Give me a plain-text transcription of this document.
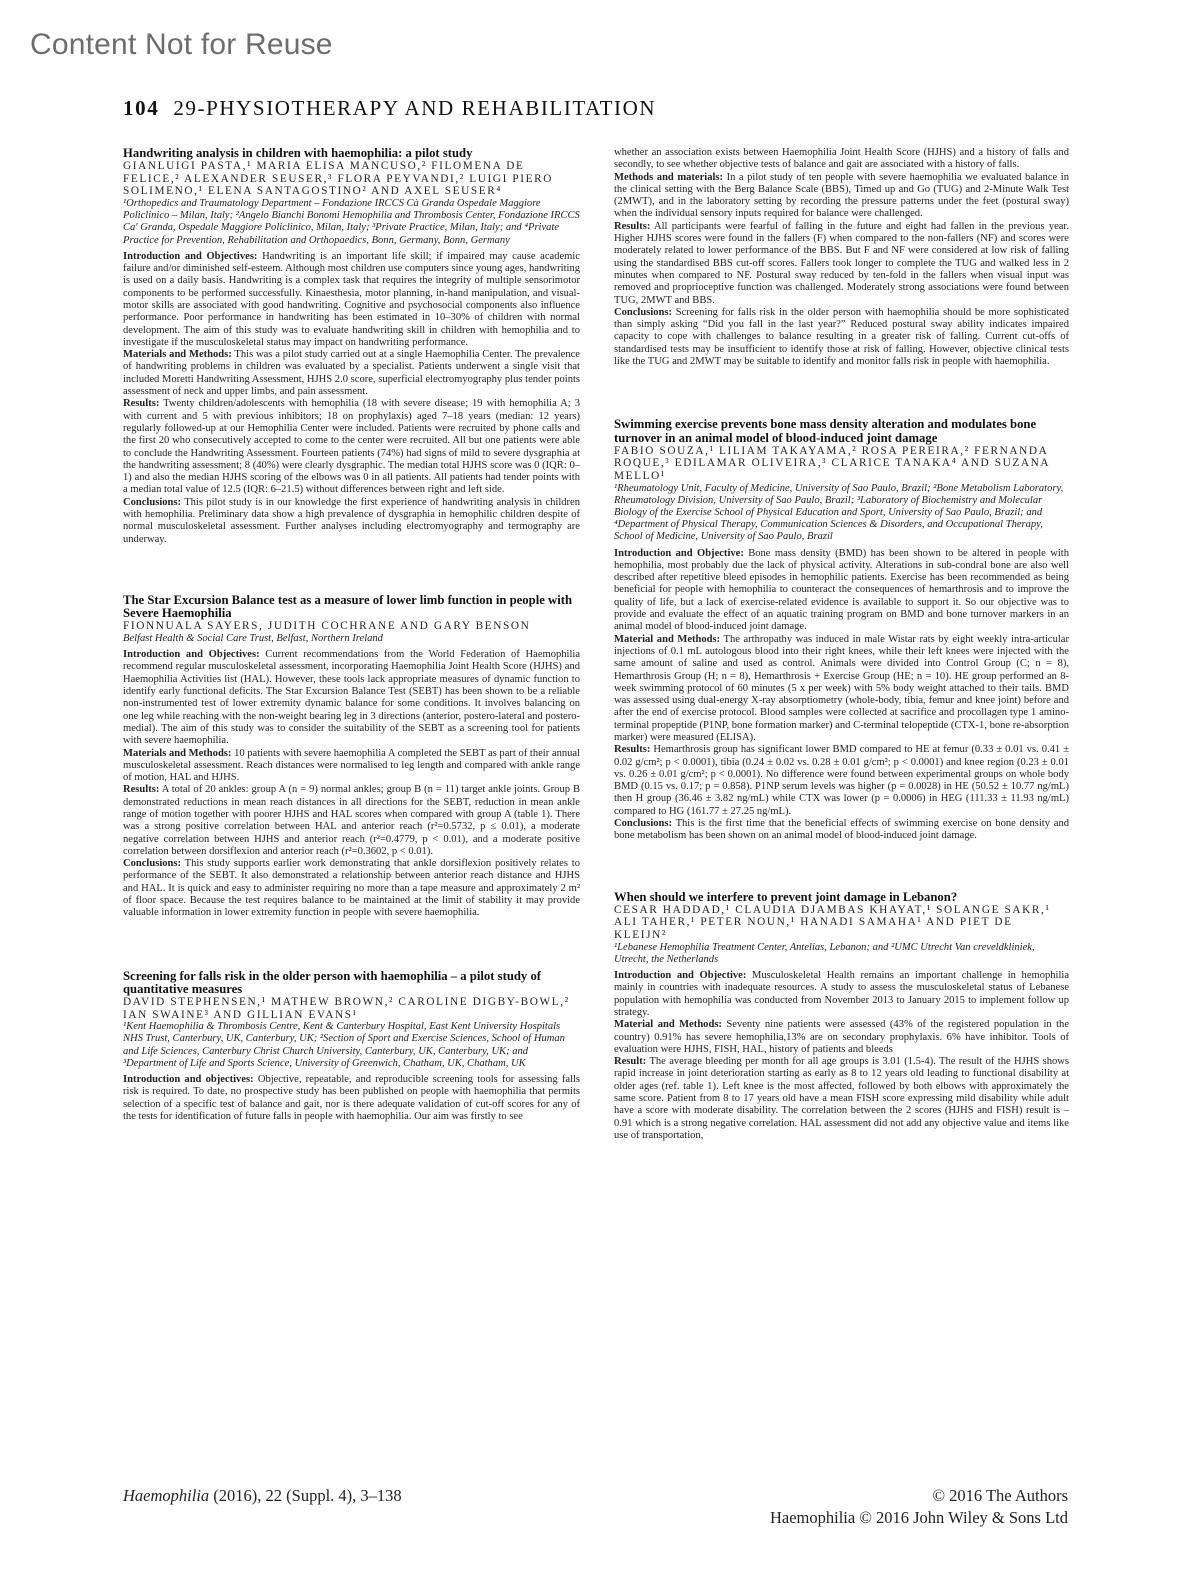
Content Not for Reuse
104 29-PHYSIOTHERAPY AND REHABILITATION

Handwriting analysis in children with haemophilia: a pilot study

GIANLUIGI PASTA,¹ MARIA ELISA MANCUSO,² FILOMENA DE FELICE,² ALEXANDER SEUSER,³ FLORA PEYVANDI,² LUIGI PIERO SOLIMENO,¹ ELENA SANTAGOSTINO² AND AXEL SEUSER⁴

¹Orthopedics and Traumatology Department – Fondazione IRCCS Cà Granda Ospedale Maggiore Policlinico – Milan, Italy; ²Angelo Bianchi Bonomi Hemophilia and Thrombosis Center, Fondazione IRCCS Ca' Granda, Ospedale Maggiore Policlinico, Milan, Italy; ³Private Practice, Milan, Italy; and ⁴Private Practice for Prevention, Rehabilitation and Orthopaedics, Bonn, Germany, Bonn, Germany

Introduction and Objectives: Handwriting is an important life skill; if impaired may cause academic failure and/or diminished self-esteem. Although most children use computers since young ages, handwriting is used on a daily basis. Handwriting is a complex task that requires the integrity of multiple sensorimotor components to be performed successfully. Kinaesthesia, motor planning, in-hand manipulation, and visual-motor skills are associated with good handwriting. Cognitive and psychosocial components also influence performance. Poor performance in handwriting has been estimated in 10–30% of children with normal development. The aim of this study was to evaluate handwriting skill in children with hemophilia and to investigate if the musculoskeletal status may impact on handwriting performance.

Materials and Methods: This was a pilot study carried out at a single Haemophilia Center. The prevalence of handwriting problems in children was evaluated by a specialist. Patients underwent a single visit that included Moretti Handwriting Assessment, HJHS 2.0 score, superficial electromyography plus tender points assessment of neck and upper limbs, and pain assessment.

Results: Twenty children/adolescents with hemophilia (18 with severe disease; 19 with hemophilia A; 3 with current and 5 with previous inhibitors; 18 on prophylaxis) aged 7–18 years (median: 12 years) regularly followed-up at our Hemophilia Center were included. Patients were recruited by phone calls and the first 20 who consecutively accepted to come to the center were recruited. All but one patients were able to conclude the Handwriting Assessment. Fourteen patients (74%) had signs of mild to severe dysgraphia at the handwriting assessment; 8 (40%) were clearly dysgraphic. The median total HJHS score was 0 (IQR: 0–1) and also the median HJHS scoring of the elbows was 0 in all patients. All patients had tender points with a median total value of 12.5 (IQR: 6–21.5) without differences between right and left side.

Conclusions: This pilot study is in our knowledge the first experience of handwriting analysis in children with hemophilia. Preliminary data show a high prevalence of dysgraphia in hemophilic children despite of normal musculoskeletal assessment. Further analyses including electromyography and termography are underway.

The Star Excursion Balance test as a measure of lower limb function in people with Severe Haemophilia

FIONNUALA SAYERS, JUDITH COCHRANE AND GARY BENSON

Belfast Health & Social Care Trust, Belfast, Northern Ireland

Introduction and Objectives: Current recommendations from the World Federation of Haemophilia recommend regular musculoskeletal assessment, incorporating Haemophilia Joint Health Score (HJHS) and Haemophilia Activities list (HAL). However, these tools lack appropriate measures of dynamic function to identify early functional deficits. The Star Excursion Balance Test (SEBT) has been shown to be a reliable non-instrumented test of lower extremity dynamic balance for some conditions. It involves balancing on one leg while reaching with the non-weight bearing leg in 3 directions (anterior, postero-lateral and postero-medial). The aim of this study was to consider the suitability of the SEBT as a screening tool for patients with severe haemophilia.

Materials and Methods: 10 patients with severe haemophilia A completed the SEBT as part of their annual musculoskeletal assessment. Reach distances were normalised to leg length and compared with ankle range of motion, HAL and HJHS.

Results: A total of 20 ankles: group A (n = 9) normal ankles; group B (n = 11) target ankle joints. Group B demonstrated reductions in mean reach distances in all directions for the SEBT, reduction in mean ankle range of motion together with poorer HJHS and HAL scores when compared with group A (table 1). There was a strong positive correlation between HAL and anterior reach (r²=0.5732, p ≤ 0.01), a moderate negative correlation between HJHS and anterior reach (r²=0.4779, p < 0.01), and a moderate positive correlation between dorsiflexion and anterior reach (r²=0.3602, p < 0.01).

Conclusions: This study supports earlier work demonstrating that ankle dorsiflexion positively relates to performance of the SEBT. It also demonstrated a relationship between anterior reach distance and HJHS and HAL. It is quick and easy to administer requiring no more than a tape measure and approximately 2 m² of floor space. Because the test requires balance to be maintained at the limit of stability it may provide valuable information in lower extremity function in people with severe haemophilia.

Screening for falls risk in the older person with haemophilia – a pilot study of quantitative measures

DAVID STEPHENSEN,¹ MATHEW BROWN,² CAROLINE DIGBY-BOWL,² IAN SWAINE³ AND GILLIAN EVANS¹

¹Kent Haemophilia & Thrombosis Centre, Kent & Canterbury Hospital, East Kent University Hospitals NHS Trust, Canterbury, UK, Canterbury, UK; ²Section of Sport and Exercise Sciences, School of Human and Life Sciences, Canterbury Christ Church University, Canterbury, UK, Canterbury, UK; and ³Department of Life and Sports Science, University of Greenwich, Chatham, UK, Chatham, UK

Introduction and objectives: Objective, repeatable, and reproducible screening tools for assessing falls risk is required. To date, no prospective study has been published on people with haemophilia that permits selection of a specific test of balance and gait, nor is there adequate validation of cut-off scores for any of the tests for identification of future falls in people with haemophilia. Our aim was firstly to see

whether an association exists between Haemophilia Joint Health Score (HJHS) and a history of falls and secondly, to see whether objective tests of balance and gait are associated with a history of falls.

Methods and materials: In a pilot study of ten people with severe haemophilia we evaluated balance in the clinical setting with the Berg Balance Scale (BBS), Timed up and Go (TUG) and 2-Minute Walk Test (2MWT), and in the laboratory setting by recording the pressure patterns under the feet (postural sway) when the individual sensory inputs required for balance were challenged.

Results: All participants were fearful of falling in the future and eight had fallen in the previous year. Higher HJHS scores were found in the fallers (F) when compared to the non-fallers (NF) and scores were moderately related to lower performance of the BBS. But F and NF were considered at low risk of falling using the standardised BBS cut-off scores. Fallers took longer to complete the TUG and walked less in 2 minutes when compared to NF. Postural sway reduced by ten-fold in the fallers when visual input was removed and proprioceptive function was challenged. Moderately strong associations were found between TUG, 2MWT and BBS.

Conclusions: Screening for falls risk in the older person with haemophilia should be more sophisticated than simply asking “Did you fall in the last year?” Reduced postural sway ability indicates impaired capacity to cope with challenges to balance resulting in a greater risk of falling. Current cut-offs of standardised tests may be insufficient to identify those at risk of falling. However, objective clinical tests like the TUG and 2MWT may be suitable to identify and monitor falls risk in people with haemophilia.

Swimming exercise prevents bone mass density alteration and modulates bone turnover in an animal model of blood-induced joint damage

FABIO SOUZA,¹ LILIAM TAKAYAMA,² ROSA PEREIRA,² FERNANDA ROQUE,³ EDILAMAR OLIVEIRA,³ CLARICE TANAKA⁴ AND SUZANA MELLO¹

¹Rheumatology Unit, Faculty of Medicine, University of Sao Paulo, Brazil; ²Bone Metabolism Laboratory, Rheumatology Division, University of Sao Paulo, Brazil; ³Laboratory of Biochemistry and Molecular Biology of the Exercise School of Physical Education and Sport, University of Sao Paulo, Brazil; and ⁴Department of Physical Therapy, Communication Sciences & Disorders, and Occupational Therapy, School of Medicine, University of Sao Paulo, Brazil

Introduction and Objective: Bone mass density (BMD) has been shown to be altered in people with hemophilia, most probably due the lack of physical activity. Alterations in sub-condral bone are also well described after repetitive bleed episodes in hemophilic patients. Exercise has been recommended as being beneficial for people with hemophilia to counteract the consequences of hemarthrosis and to improve the quality of life, but a lack of exercise-related evidence is available to support it. So our objective was to provide and evaluate the effect of an aquatic training program on BMD and bone turnover markers in an animal model of blood-induced joint damage.

Material and Methods: The arthropathy was induced in male Wistar rats by eight weekly intra-articular injections of 0.1 mL autologous blood into their right knees, while their left knees were injected with the same amount of saline and used as control. Animals were divided into Control Group (C; n = 8), Hemarthrosis Group (H; n = 8), Hemarthrosis + Exercise Group (HE; n = 10). HE group performed an 8-week swimming protocol of 60 minutes (5 x per week) with 5% body weight attached to their tails. BMD was assessed using dual-energy X-ray absorptiometry (whole-body, tibia, femur and knee joint) before and after the end of exercise protocol. Blood samples were collected at sacrifice and procollagen type 1 amino-terminal propeptide (P1NP, bone formation marker) and C-terminal telopeptide (CTX-1, bone re-absorption marker) were measured (ELISA).

Results: Hemarthrosis group has significant lower BMD compared to HE at femur (0.33 ± 0.01 vs. 0.41 ± 0.02 g/cm²; p < 0.0001), tibia (0.24 ± 0.02 vs. 0.28 ± 0.01 g/cm²; p < 0.0001) and knee region (0.23 ± 0.01 vs. 0.26 ± 0.01 g/cm²; p < 0.0001). No difference were found between experimental groups on whole body BMD (0.15 vs. 0.17; p = 0.858). P1NP serum levels was higher (p = 0.0028) in HE (50.52 ± 10.77 ng/mL) then H group (36.46 ± 3.82 ng/mL) while CTX was lower (p = 0.0006) in HEG (111.33 ± 11.93 ng/mL) compared to HG (161.77 ± 27.25 ng/mL).

Conclusions: This is the first time that the beneficial effects of swimming exercise on bone density and bone metabolism has been shown on an animal model of blood-induced joint damage.

When should we interfere to prevent joint damage in Lebanon?

CESAR HADDAD,¹ CLAUDIA DJAMBAS KHAYAT,¹ SOLANGE SAKR,¹ ALI TAHER,¹ PETER NOUN,¹ HANADI SAMAHA¹ AND PIET DE KLEIJN²

¹Lebanese Hemophilia Treatment Center, Antelias, Lebanon; and ²UMC Utrecht Van creveldkliniek, Utrecht, the Netherlands

Introduction and Objective: Musculoskeletal Health remains an important challenge in hemophilia mainly in countries with inadequate resources. A study to assess the musculoskeletal status of Lebanese population with hemophilia was conducted from November 2013 to January 2015 to implement follow up strategy.

Material and Methods: Seventy nine patients were assessed (43% of the registered population in the country) 0.91% has severe hemophilia,13% are on secondary prophylaxis. 6% have inhibitor. Tools of evaluation were HJHS, FISH, HAL, history of patients and bleeds

Result: The average bleeding per month for all age groups is 3.01 (1.5-4). The result of the HJHS shows rapid increase in joint deterioration starting as early as 8 to 12 years old leading to functional disability at older ages (ref. table 1). Left knee is the most affected, followed by both elbows with approximately the same score. Patient from 8 to 17 years old have a mean FISH score expressing mild disability while adult have a score with moderate disability. The correlation between the 2 scores (HJHS and FISH) result is –0.91 which is a strong negative correlation. HAL assessment did not add any objective value and items like use of transportation,

Haemophilia (2016), 22 (Suppl. 4), 3–138	© 2016 The Authors
Haemophilia © 2016 John Wiley & Sons Ltd
